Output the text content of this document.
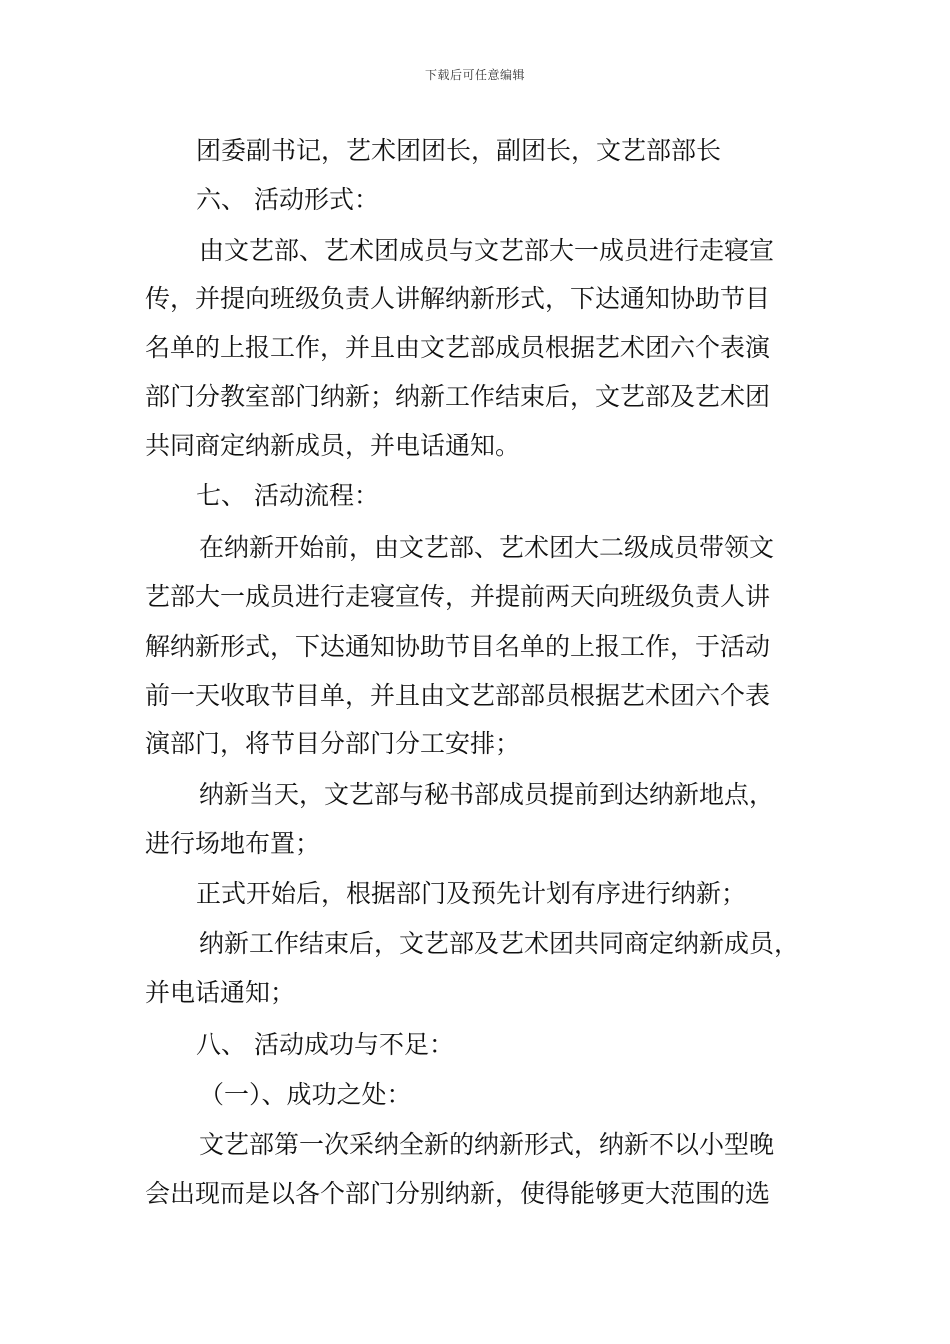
下载后可任意编辑
团委副书记，艺术团团长，副团长，文艺部部长
六、 活动形式：
由文艺部、艺术团成员与文艺部大一成员进行走寝宣
传，并提向班级负责人讲解纳新形式，下达通知协助节目
名单的上报工作，并且由文艺部成员根据艺术团六个表演
部门分教室部门纳新；纳新工作结束后，文艺部及艺术团
共同商定纳新成员，并电话通知。
七、 活动流程：
在纳新开始前，由文艺部、艺术团大二级成员带领文
艺部大一成员进行走寝宣传，并提前两天向班级负责人讲
解纳新形式，下达通知协助节目名单的上报工作，于活动
前一天收取节目单，并且由文艺部部员根据艺术团六个表
演部门，将节目分部门分工安排；
纳新当天，文艺部与秘书部成员提前到达纳新地点，
进行场地布置；
正式开始后，根据部门及预先计划有序进行纳新；
纳新工作结束后，文艺部及艺术团共同商定纳新成员，
并电话通知；
八、 活动成功与不足：
（一）、成功之处：
文艺部第一次采纳全新的纳新形式，纳新不以小型晚
会出现而是以各个部门分别纳新，使得能够更大范围的选
